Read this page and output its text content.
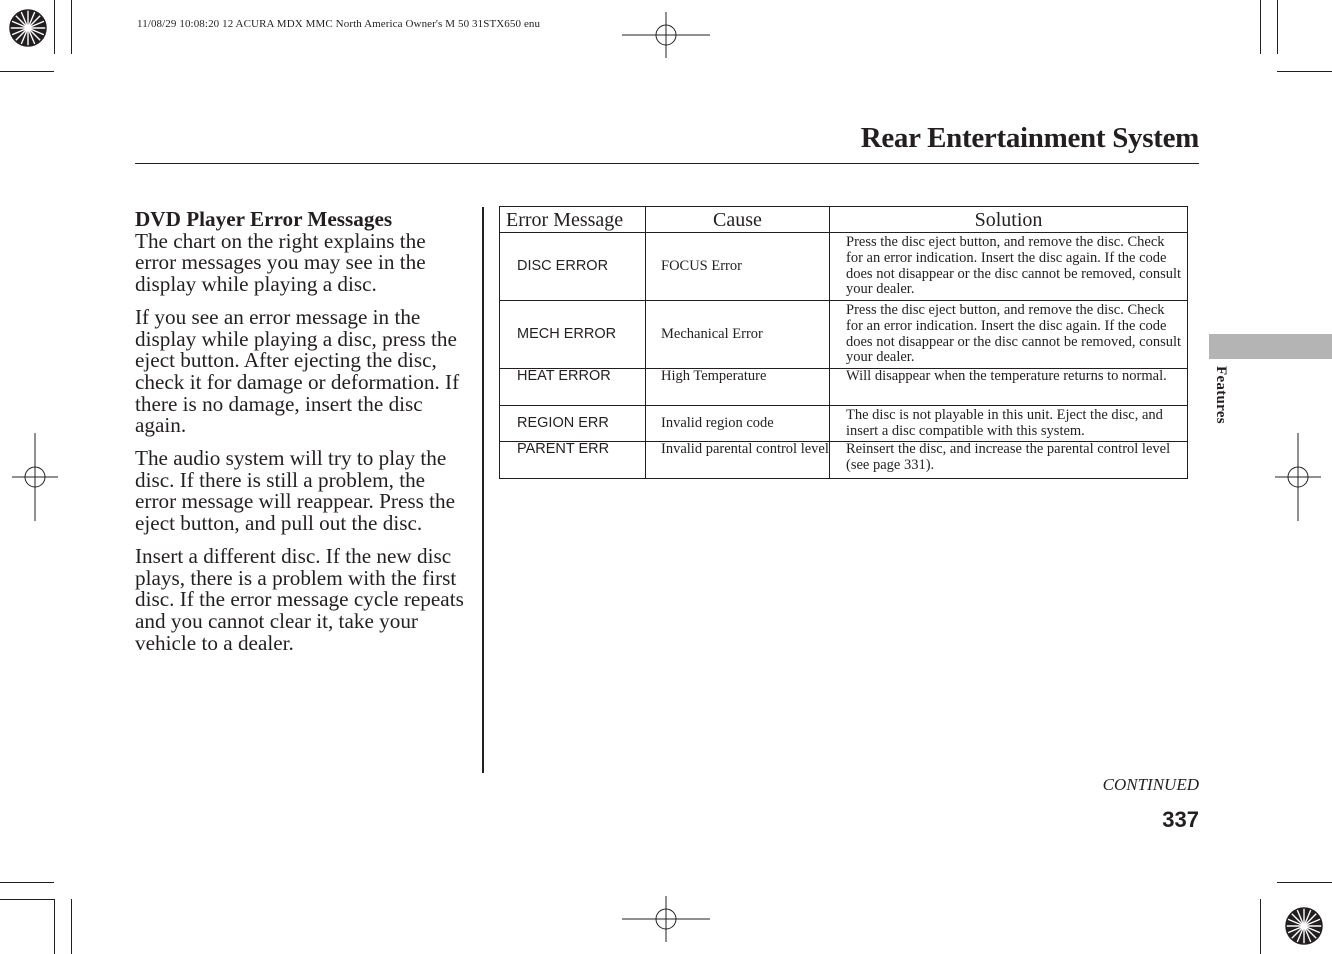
11/08/29 10:08:20 12 ACURA MDX MMC North America Owner's M 50 31STX650 enu
Rear Entertainment System
DVD Player Error Messages

The chart on the right explains the error messages you may see in the display while playing a disc.

If you see an error message in the display while playing a disc, press the eject button. After ejecting the disc, check it for damage or deformation. If there is no damage, insert the disc again.

The audio system will try to play the disc. If there is still a problem, the error message will reappear. Press the eject button, and pull out the disc.

Insert a different disc. If the new disc plays, there is a problem with the first disc. If the error message cycle repeats and you cannot clear it, take your vehicle to a dealer.

Error Message	Cause	Solution
DISC ERROR	FOCUS Error	Press the disc eject button, and remove the disc. Check for an error indication. Insert the disc again. If the code does not disappear or the disc cannot be removed, consult your dealer.
MECH ERROR	Mechanical Error	Press the disc eject button, and remove the disc. Check for an error indication. Insert the disc again. If the code does not disappear or the disc cannot be removed, consult your dealer.
HEAT ERROR	High Temperature	Will disappear when the temperature returns to normal.
REGION ERR	Invalid region code	The disc is not playable in this unit. Eject the disc, and insert a disc compatible with this system.
PARENT ERR	Invalid parental control level	Reinsert the disc, and increase the parental control level (see page 331).
Features
CONTINUED
337
